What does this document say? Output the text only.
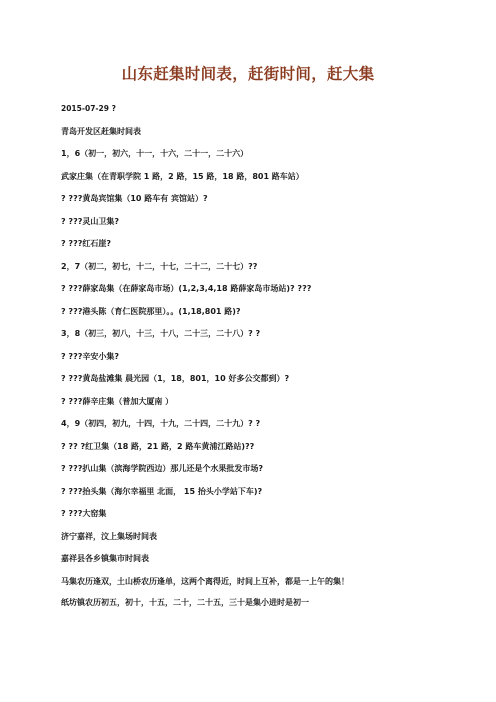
山东赶集时间表，赶街时间，赶大集
2015-07-29 ?
青岛开发区赶集时间表
1，6（初一，初六，十一，十六，二十一，二十六）
武家庄集（在青职学院 1 路，2 路，15 路，18 路，801 路车站）
? ???黄岛宾馆集（10 路车有 宾馆站）?
? ???灵山卫集?
? ???红石崖?
2，7（初二，初七，十二，十七，二十二，二十七）??
? ???薛家岛集（在薛家岛市场）(1,2,3,4,18 路薛家岛市场站)? ???
? ???港头陈（育仁医院那里）。。(1,18,801 路)?
3，8（初三，初八，十三，十八，二十三，二十八）? ?
? ???辛安小集?
? ???黄岛盐滩集 晨光园（1，18，801，10 好多公交都到）?
? ???薛辛庄集（普加大厦南 ）
4，9（初四，初九，十四，十九，二十四，二十九）? ?
? ?? ?红卫集（18 路，21 路，2 路车黄浦江路站)??
? ???扒山集（滨海学院西边）那儿还是个水果批发市场?
? ???抬头集（海尔幸福里 北面， 15 抬头小学站下车)?
? ???大窑集
济宁嘉祥，汶上集场时间表
嘉祥县各乡镇集市时间表
马集农历逢双，土山桥农历逢单，这两个离得近，时间上互补，都是一上午的集！
纸坊镇农历初五，初十，十五，二十，二十五，三十是集小进时是初一
